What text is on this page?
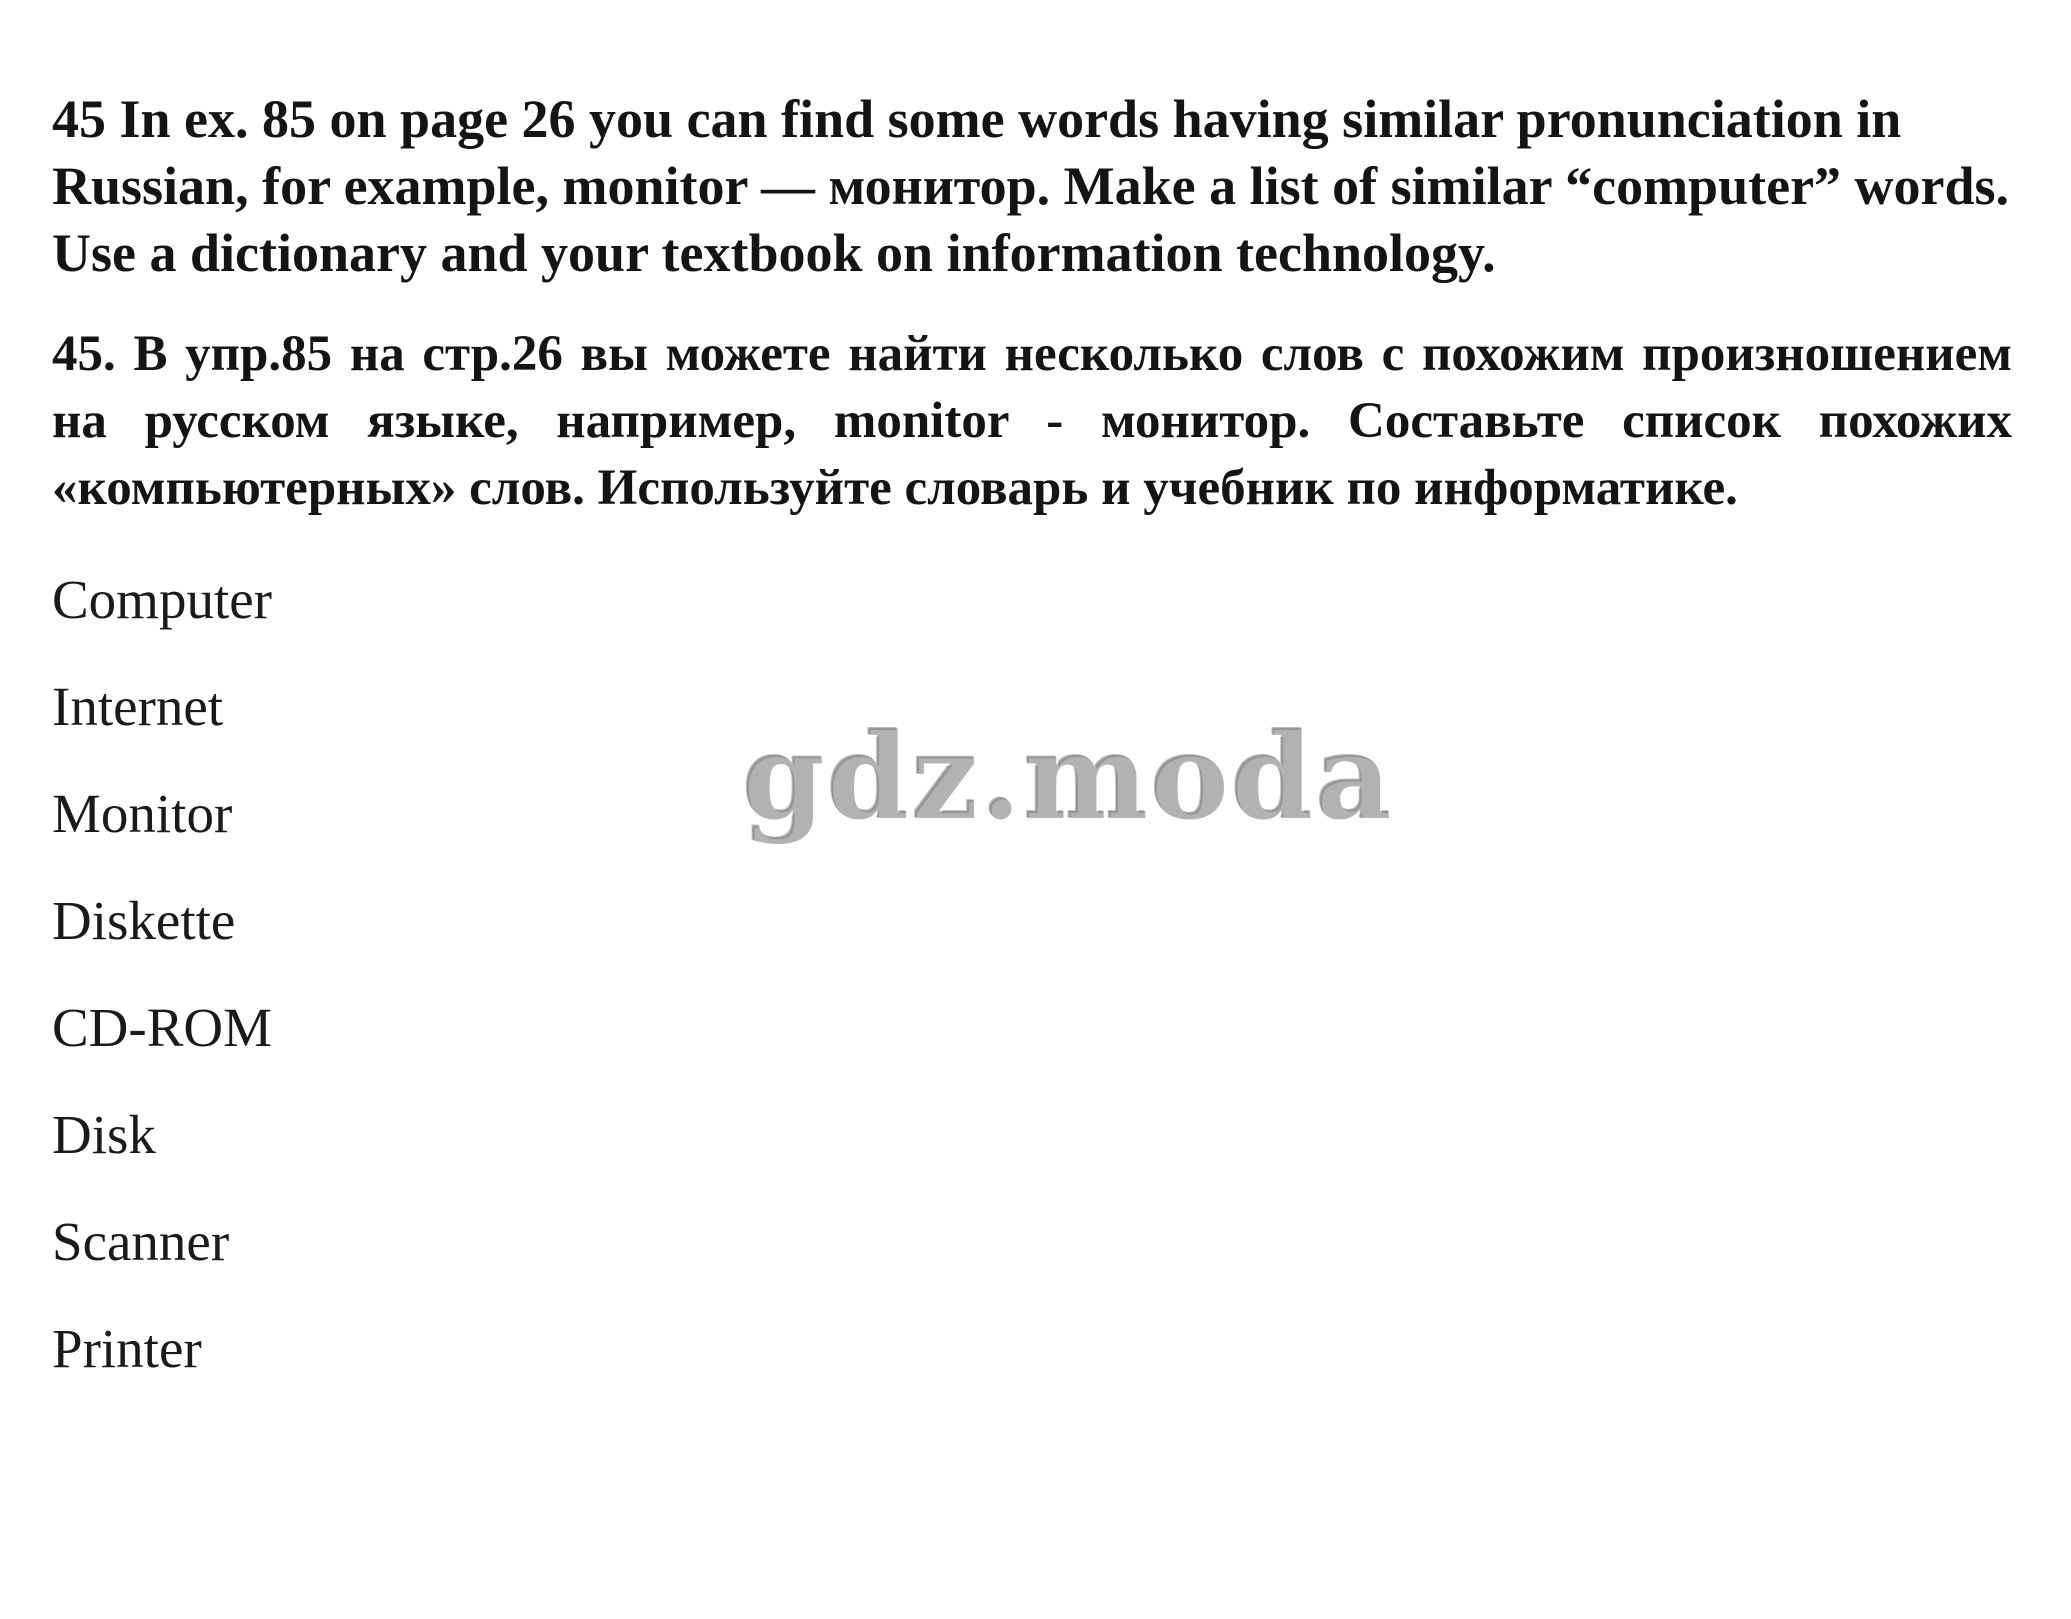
45 In ex. 85 on page 26 you can find some words having similar pronunciation in Russian, for example, monitor — монитор. Make a list of similar “computer” words. Use a dictionary and your textbook on information technology.

45. В упр.85 на стр.26 вы можете найти несколько слов с похожим произношением на русском языке, например, monitor - монитор. Составьте список похожих «компьютерных» слов. Используйте словарь и учебник по информатике.

Computer
Internet
Monitor
Diskette
CD-ROM
Disk
Scanner
Printer
gdz.moda
